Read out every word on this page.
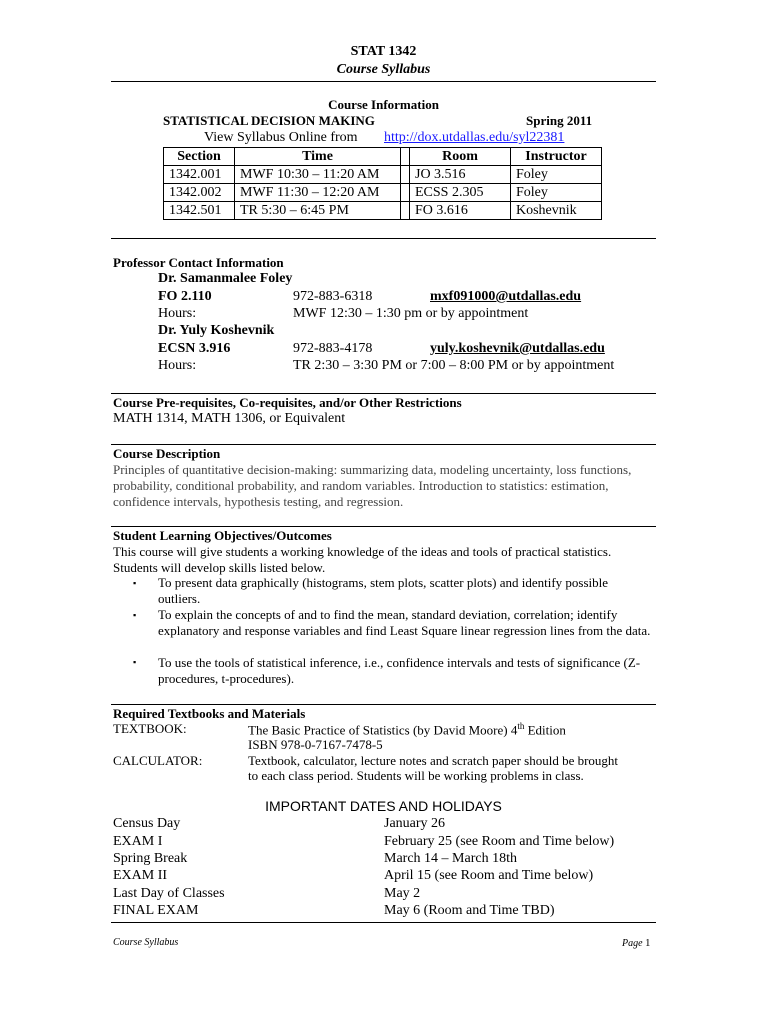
STAT 1342
Course Syllabus
Course Information
STATISTICAL DECISION MAKING	Spring 2011
View Syllabus Online from http://dox.utdallas.edu/syl22381
Section	Time		Room	Instructor
1342.001	MWF 10:30 – 11:20 AM		JO 3.516	Foley
1342.002	MWF 11:30 – 12:20 AM		ECSS 2.305	Foley
1342.501	TR 5:30 – 6:45 PM		FO 3.616	Koshevnik
Professor Contact Information
Dr. Samanmalee Foley
FO 2.110	972-883-6318	mxf091000@utdallas.edu
Hours:	MWF 12:30 – 1:30 pm or by appointment
Dr. Yuly Koshevnik
ECSN 3.916	972-883-4178	yuly.koshevnik@utdallas.edu
Hours:	TR 2:30 – 3:30 PM or 7:00 – 8:00 PM or by appointment
Course Pre-requisites, Co-requisites, and/or Other Restrictions
MATH 1314, MATH 1306, or Equivalent
Course Description
Principles of quantitative decision-making: summarizing data, modeling uncertainty, loss functions, probability, conditional probability, and random variables. Introduction to statistics: estimation, confidence intervals, hypothesis testing, and regression.
Student Learning Objectives/Outcomes
This course will give students a working knowledge of the ideas and tools of practical statistics. Students will develop skills listed below.
▪ To present data graphically (histograms, stem plots, scatter plots) and identify possible outliers.
▪ To explain the concepts of and to find the mean, standard deviation, correlation; identify explanatory and response variables and find Least Square linear regression lines from the data.
▪ To use the tools of statistical inference, i.e., confidence intervals and tests of significance (Z-procedures, t-procedures).
Required Textbooks and Materials
TEXTBOOK:	The Basic Practice of Statistics (by David Moore) 4th Edition
ISBN 978-0-7167-7478-5
CALCULATOR:	Textbook, calculator, lecture notes and scratch paper should be brought
to each class period. Students will be working problems in class.
IMPORTANT DATES AND HOLIDAYS
Census Day	January 26
EXAM I	February 25 (see Room and Time below)
Spring Break	March 14 – March 18th
EXAM II	April 15 (see Room and Time below)
Last Day of Classes	May 2
FINAL EXAM	May 6 (Room and Time TBD)
Course Syllabus	Page 1
